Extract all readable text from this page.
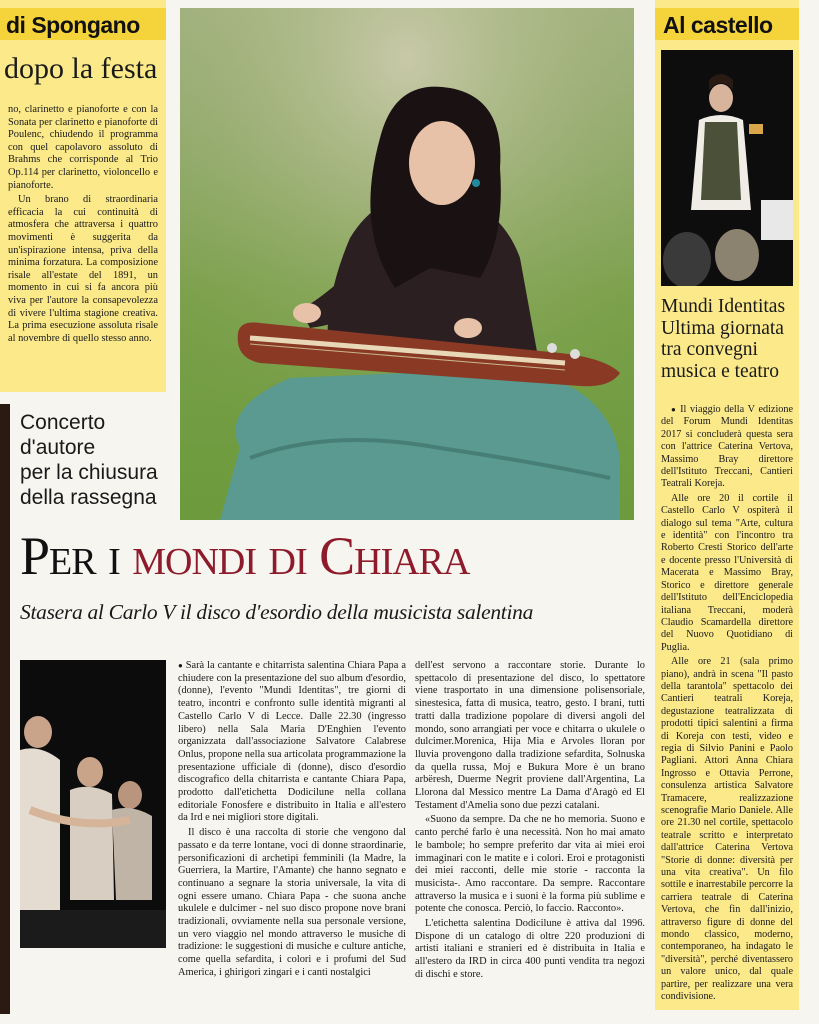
di Spongano
dopo la festa

no, clarinetto e pianoforte e con la Sonata per clarinetto e pianoforte di Poulenc, chiudendo il programma con quel capolavoro assoluto di Brahms che corrisponde al Trio Op.114 per clarinetto, violoncello e pianoforte.

Un brano di straordinaria efficacia la cui continuità di atmosfera che attraversa i quattro movimenti è suggerita da un'ispirazione intensa, priva della minima forzatura. La composizione risale all'estate del 1891, un momento in cui si fa ancora più viva per l'autore la consapevolezza di vivere l'ultima stagione creativa. La prima esecuzione assoluta risale al novembre di quello stesso anno.

Al castello
Mundi Identitas
Ultima giornata
tra convegni
musica e teatro

● Il viaggio della V edizione del Forum Mundi Identitas 2017 si concluderà questa sera con l'attrice Caterina Vertova, Massimo Bray direttore dell'Istituto Treccani, Cantieri Teatrali Koreja.

Alle ore 20 il cortile il Castello Carlo V ospiterà il dialogo sul tema "Arte, cultura e identità" con l'incontro tra Roberto Cresti Storico dell'arte e docente presso l'Università di Macerata e Massimo Bray, Storico e direttore generale dell'Istituto dell'Enciclopedia italiana Treccani, moderà Claudio Scamardella direttore del Nuovo Quotidiano di Puglia.

Alle ore 21 (sala primo piano), andrà in scena "Il pasto della tarantola" spettacolo dei Cantieri teatrali Koreja, degustazione teatralizzata di prodotti tipici salentini a firma di Koreja con testi, video e regia di Silvio Panini e Paolo Pagliani. Attori Anna Chiara Ingrosso e Ottavia Perrone, consulenza artistica Salvatore Tramacere, realizzazione scenografie Mario Daniele. Alle ore 21.30 nel cortile, spettacolo teatrale scritto e interpretato dall'attrice Caterina Vertova "Storie di donne: diversità per una vita creativa". Un filo sottile e inarrestabile percorre la carriera teatrale di Caterina Vertova, che fin dall'inizio, attraverso figure di donne del mondo classico, moderno, contemporaneo, ha indagato le "diversità", perché diventassero un valore unico, dal quale partire, per realizzare una vera condivisione.

Concerto
d'autore
per la chiusura
della rassegna
Per i mondi di Chiara
Stasera al Carlo V il disco d'esordio della musicista salentina

● Sarà la cantante e chitarrista salentina Chiara Papa a chiudere con la presentazione del suo album d'esordio, (donne), l'evento "Mundi Identitas", tre giorni di teatro, incontri e confronto sulle identità migranti al Castello Carlo V di Lecce. Dalle 22.30 (ingresso libero) nella Sala Maria D'Enghien l'evento organizzata dall'associazione Salvatore Calabrese Onlus, propone nella sua articolata programmazione la presentazione ufficiale di (donne), disco d'esordio discografico della chitarrista e cantante Chiara Papa, prodotto dall'etichetta Dodicilune nella collana editoriale Fonosfere e distribuito in Italia e all'estero da Ird e nei migliori store digitali.

Il disco è una raccolta di storie che vengono dal passato e da terre lontane, voci di donne straordinarie, personificazioni di archetipi femminili (la Madre, la Guerriera, la Martire, l'Amante) che hanno segnato e continuano a segnare la storia universale, la vita di ogni essere umano. Chiara Papa - che suona anche ukulele e dulcimer - nel suo disco propone nove brani tradizionali, ovviamente nella sua personale versione, un vero viaggio nel mondo attraverso le musiche di tradizione: le suggestioni di musiche e culture antiche, come quella sefardita, i colori e i profumi del Sud America, i ghirigori zingari e i canti nostalgici

dell'est servono a raccontare storie. Durante lo spettacolo di presentazione del disco, lo spettatore viene trasportato in una dimensione polisensoriale, sinestesica, fatta di musica, teatro, gesto. I brani, tutti tratti dalla tradizione popolare di diversi angoli del mondo, sono arrangiati per voce e chitarra o ukulele o dulcimer.Morenica, Hija Mia e Arvoles lloran por lluvia provengono dalla tradizione sefardita, Solnuska da quella russa, Moj e Bukura More è un brano arbëresh, Duerme Negrit proviene dall'Argentina, La Llorona dal Messico mentre La Dama d'Aragò ed El Testament d'Amelia sono due pezzi catalani.

«Suono da sempre. Da che ne ho memoria. Suono e canto perché farlo è una necessità. Non ho mai amato le bambole; ho sempre preferito dar vita ai miei eroi immaginari con le matite e i colori. Eroi e protagonisti dei miei racconti, delle mie storie - racconta la musicista-. Amo raccontare. Da sempre. Raccontare attraverso la musica e i suoni è la forma più sublime e potente che conosca. Perciò, lo faccio. Racconto».

L'etichetta salentina Dodicilune è attiva dal 1996. Dispone di un catalogo di oltre 220 produzioni di artisti italiani e stranieri ed è distribuita in Italia e all'estero da IRD in circa 400 punti vendita tra negozi di dischi e store.
